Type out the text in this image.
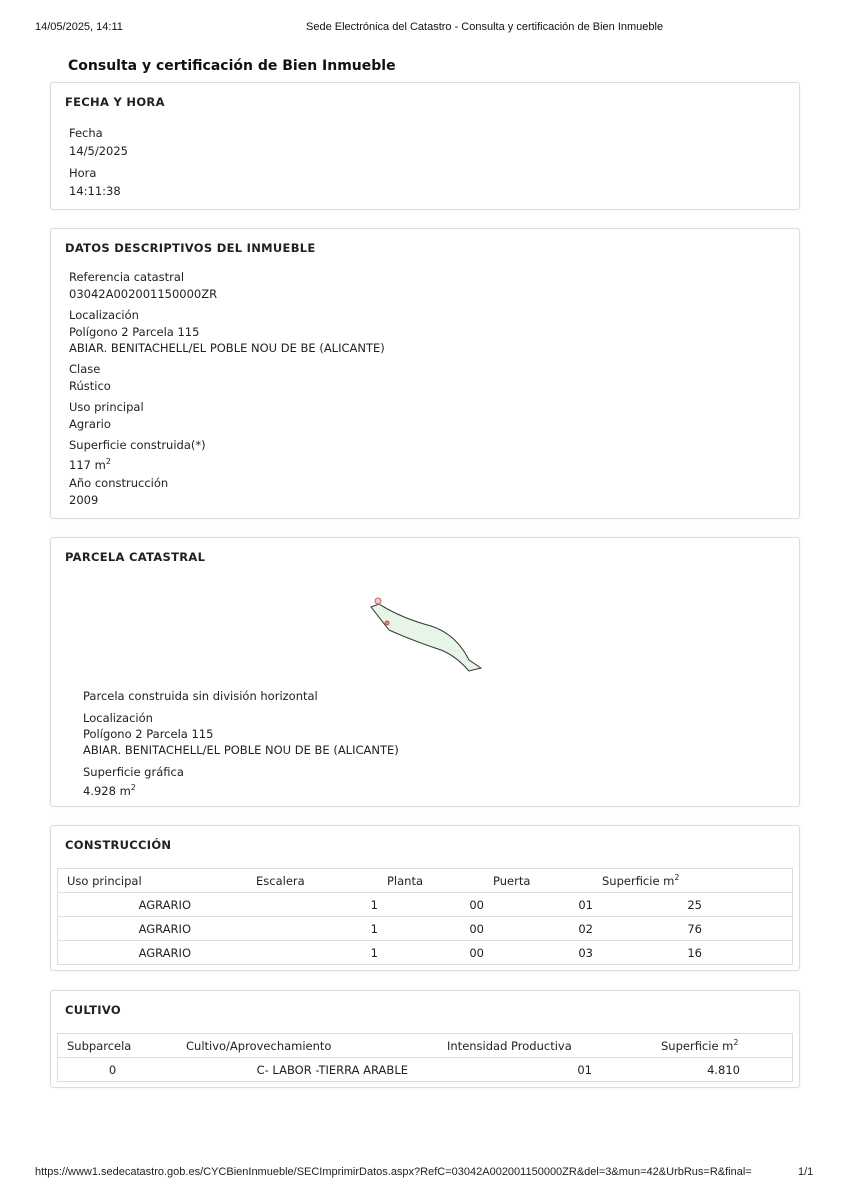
14/05/2025, 14:11	Sede Electrónica del Catastro - Consulta y certificación de Bien Inmueble
Consulta y certificación de Bien Inmueble
FECHA Y HORA
Fecha
14/5/2025
Hora
14:11:38
DATOS DESCRIPTIVOS DEL INMUEBLE
Referencia catastral
03042A002001150000ZR
Localización
Polígono 2 Parcela 115
ABIAR. BENITACHELL/EL POBLE NOU DE BE (ALICANTE)
Clase
Rústico
Uso principal
Agrario
Superficie construida(*)
117 $m^2$
Año construcción
2009
PARCELA CATASTRAL
Parcela construida sin división horizontal
Localización
Polígono 2 Parcela 115
ABIAR. BENITACHELL/EL POBLE NOU DE BE (ALICANTE)
Superficie gráfica
4.928 $m^2$
CONSTRUCCIÓN
Uso principal	Escalera	Planta	Puerta	Superficie $m^2$
AGRARIO	1	00	01	25
AGRARIO	1	00	02	76
AGRARIO	1	00	03	16
CULTIVO
Subparcela	Cultivo/Aprovechamiento	Intensidad Productiva	Superficie $m^2$
0	C- LABOR -TIERRA ARABLE	01	4.810
https://www1.sedecatastro.gob.es/CYCBienInmueble/SECImprimirDatos.aspx?RefC=03042A002001150000ZR&del=3&mun=42&UrbRus=R&final=	1/1
